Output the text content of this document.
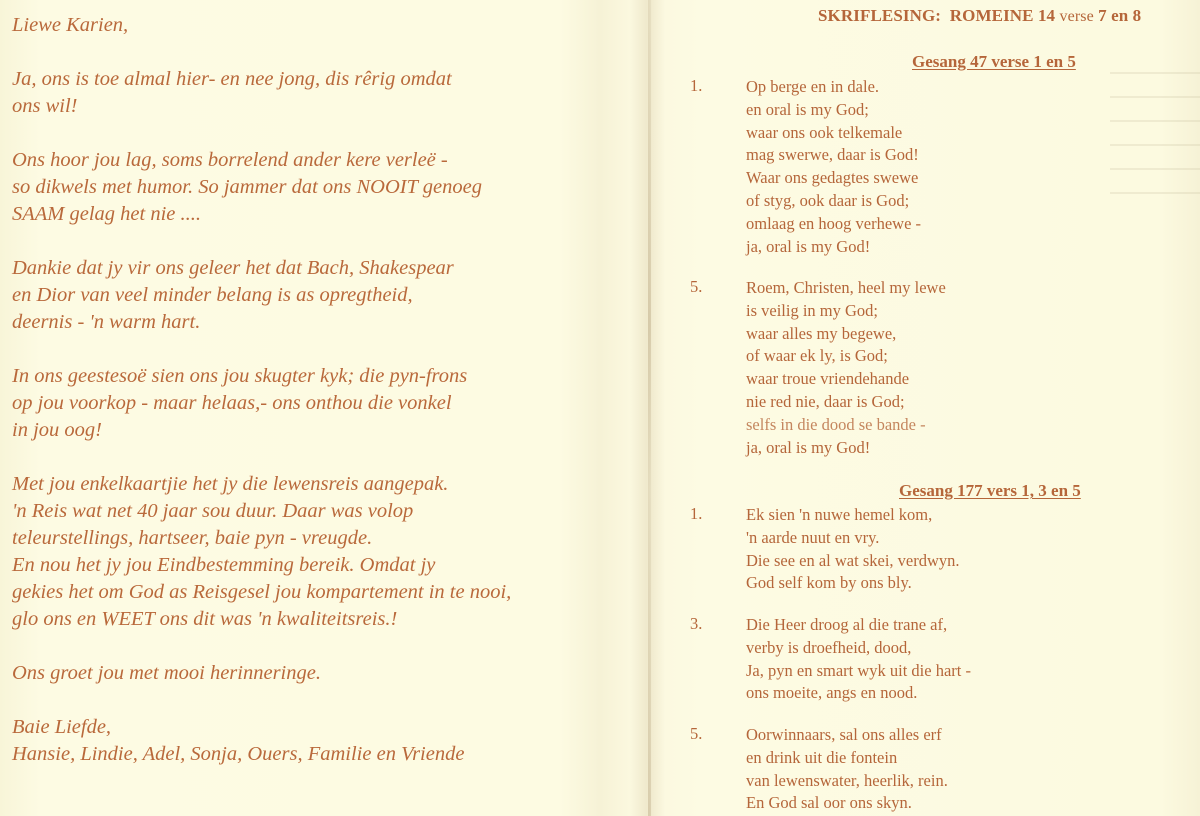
Liewe Karien,
Ja, ons is toe almal hier- en nee jong, dis rêrig omdat
ons wil!
Ons hoor jou lag, soms borrelend ander kere verleë -
so dikwels met humor. So jammer dat ons NOOIT genoeg
SAAM gelag het nie ....
Dankie dat jy vir ons geleer het dat Bach, Shakespear
en Dior van veel minder belang is as opregtheid,
deernis - 'n warm hart.
In ons geestesoë sien ons jou skugter kyk; die pyn-frons
op jou voorkop - maar helaas,- ons onthou die vonkel
in jou oog!
Met jou enkelkaartjie het jy die lewensreis aangepak.
'n Reis wat net 40 jaar sou duur. Daar was volop
teleurstellings, hartseer, baie pyn - vreugde.
En nou het jy jou Eindbestemming bereik. Omdat jy
gekies het om God as Reisgesel jou kompartement in te nooi,
glo ons en WEET ons dit was 'n kwaliteitsreis.!
Ons groet jou met mooi herinneringe.
Baie Liefde,
Hansie, Lindie, Adel, Sonja, Ouers, Familie en Vriende
SKRIFLESING: ROMEINE 14 verse 7 en 8
Gesang 47 verse 1 en 5
1.	Op berge en in dale.
en oral is my God;
waar ons ook telkemale
mag swerwe, daar is God!
Waar ons gedagtes swewe
of styg, ook daar is God;
omlaag en hoog verhewe -
ja, oral is my God!
5.	Roem, Christen, heel my lewe
is veilig in my God;
waar alles my begewe,
of waar ek ly, is God;
waar troue vriendehande
nie red nie, daar is God;
selfs in die dood se bande -
ja, oral is my God!
Gesang 177 vers 1, 3 en 5
1.	Ek sien 'n nuwe hemel kom,
'n aarde nuut en vry.
Die see en al wat skei, verdwyn.
God self kom by ons bly.
3.	Die Heer droog al die trane af,
verby is droefheid, dood,
Ja, pyn en smart wyk uit die hart -
ons moeite, angs en nood.
5.	Oorwinnaars, sal ons alles erf
en drink uit die fontein
van lewenswater, heerlik, rein.
En God sal oor ons skyn.
